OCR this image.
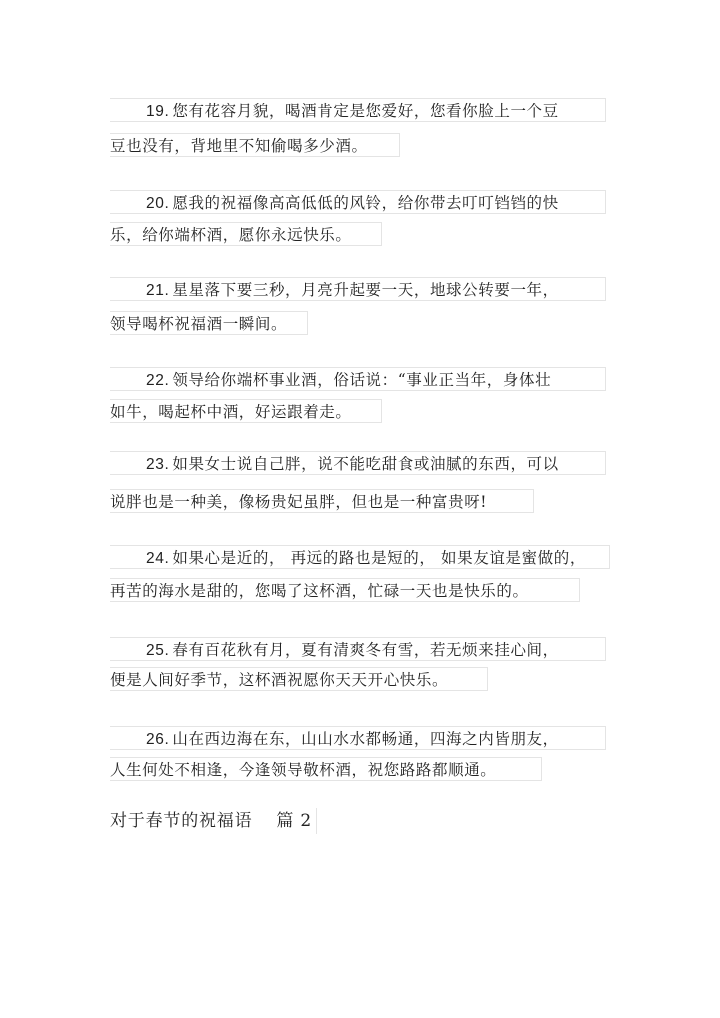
19. 您有花容月貌，喝酒肯定是您爱好，您看你脸上一个豆
豆也没有，背地里不知偷喝多少酒。
20. 愿我的祝福像高高低低的风铃，给你带去叮叮铛铛的快
乐，给你端杯酒，愿你永远快乐。
21. 星星落下要三秒，月亮升起要一天，地球公转要一年，
领导喝杯祝福酒一瞬间。
22. 领导给你端杯事业酒，俗话说：“事业正当年，身体壮
如牛，喝起杯中酒，好运跟着走。
23. 如果女士说自己胖，说不能吃甜食或油腻的东西，可以
说胖也是一种美，像杨贵妃虽胖，但也是一种富贵呀!
24. 如果心是近的， 再远的路也是短的， 如果友谊是蜜做的，
再苦的海水是甜的，您喝了这杯酒，忙碌一天也是快乐的。
25. 春有百花秋有月，夏有清爽冬有雪，若无烦来挂心间，
便是人间好季节，这杯酒祝愿你天天开心快乐。
26. 山在西边海在东，山山水水都畅通，四海之内皆朋友，
人生何处不相逢，今逢领导敬杯酒，祝您路路都顺通。
对于春节的祝福语 篇 2
